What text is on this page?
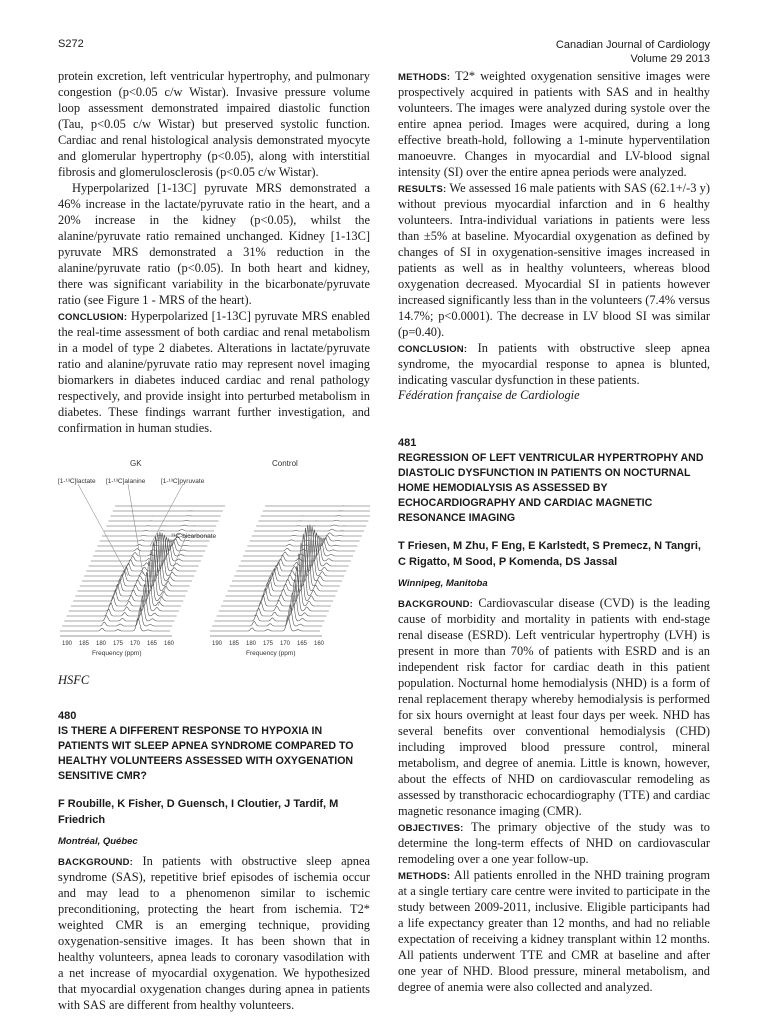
S272	Canadian Journal of Cardiology
Volume 29 2013

protein excretion, left ventricular hypertrophy, and pulmonary congestion (p<0.05 c/w Wistar). Invasive pressure volume loop assessment demonstrated impaired diastolic function (Tau, p<0.05 c/w Wistar) but preserved systolic function. Cardiac and renal histological analysis demonstrated myocyte and glomerular hypertrophy (p<0.05), along with interstitial fibrosis and glomerulosclerosis (p<0.05 c/w Wistar).

Hyperpolarized [1-13C] pyruvate MRS demonstrated a 46% increase in the lactate/pyruvate ratio in the heart, and a 20% increase in the kidney (p<0.05), whilst the alanine/pyruvate ratio remained unchanged. Kidney [1-13C] pyruvate MRS demonstrated a 31% reduction in the alanine/pyruvate ratio (p<0.05). In both heart and kidney, there was significant variability in the bicarbonate/pyruvate ratio (see Figure 1 - MRS of the heart).

CONCLUSION: Hyperpolarized [1-13C] pyruvate MRS enabled the real-time assessment of both cardiac and renal metabolism in a model of type 2 diabetes. Alterations in lactate/pyruvate ratio and alanine/pyruvate ratio may represent novel imaging biomarkers in diabetes induced cardiac and renal pathology respectively, and provide insight into perturbed metabolism in diabetes. These findings warrant further investigation, and confirmation in human studies.

190 185 180 175 170 165 160	190 185 180 175 170 165 160
GK	Control
[1-¹³C]lactate [1-¹³C]alanine [1-¹³C]pyruvate
¹³C-bicarbonate
Frequency (ppm)	Frequency (ppm)

HSFC

480

IS THERE A DIFFERENT RESPONSE TO HYPOXIA IN PATIENTS WIT SLEEP APNEA SYNDROME COMPARED TO HEALTHY VOLUNTEERS ASSESSED WITH OXYGENATION SENSITIVE CMR?

F Roubille, K Fisher, D Guensch, I Cloutier, J Tardif, M Friedrich

Montréal, Québec

BACKGROUND: In patients with obstructive sleep apnea syndrome (SAS), repetitive brief episodes of ischemia occur and may lead to a phenomenon similar to ischemic preconditioning, protecting the heart from ischemia. T2* weighted CMR is an emerging technique, providing oxygenation-sensitive images. It has been shown that in healthy volunteers, apnea leads to coronary vasodilation with a net increase of myocardial oxygenation. We hypothesized that myocardial oxygenation changes during apnea in patients with SAS are different from healthy volunteers.

METHODS: T2* weighted oxygenation sensitive images were prospectively acquired in patients with SAS and in healthy volunteers. The images were analyzed during systole over the entire apnea period. Images were acquired, during a long effective breath-hold, following a 1-minute hyperventilation manoeuvre. Changes in myocardial and LV-blood signal intensity (SI) over the entire apnea periods were analyzed.

RESULTS: We assessed 16 male patients with SAS (62.1+/-3 y) without previous myocardial infarction and in 6 healthy volunteers. Intra-individual variations in patients were less than ±5% at baseline. Myocardial oxygenation as defined by changes of SI in oxygenation-sensitive images increased in patients as well as in healthy volunteers, whereas blood oxygenation decreased. Myocardial SI in patients however increased significantly less than in the volunteers (7.4% versus 14.7%; p<0.0001). The decrease in LV blood SI was similar (p=0.40).

CONCLUSION: In patients with obstructive sleep apnea syndrome, the myocardial response to apnea is blunted, indicating vascular dysfunction in these patients.

Fédération française de Cardiologie

481

REGRESSION OF LEFT VENTRICULAR HYPERTROPHY AND DIASTOLIC DYSFUNCTION IN PATIENTS ON NOCTURNAL HOME HEMODIALYSIS AS ASSESSED BY ECHOCARDIOGRAPHY AND CARDIAC MAGNETIC RESONANCE IMAGING

T Friesen, M Zhu, F Eng, E Karlstedt, S Premecz, N Tangri, C Rigatto, M Sood, P Komenda, DS Jassal

Winnipeg, Manitoba

BACKGROUND: Cardiovascular disease (CVD) is the leading cause of morbidity and mortality in patients with end-stage renal disease (ESRD). Left ventricular hypertrophy (LVH) is present in more than 70% of patients with ESRD and is an independent risk factor for cardiac death in this patient population. Nocturnal home hemodialysis (NHD) is a form of renal replacement therapy whereby hemodialysis is performed for six hours overnight at least four days per week. NHD has several benefits over conventional hemodialysis (CHD) including improved blood pressure control, mineral metabolism, and degree of anemia. Little is known, however, about the effects of NHD on cardiovascular remodeling as assessed by transthoracic echocardiography (TTE) and cardiac magnetic resonance imaging (CMR).

OBJECTIVES: The primary objective of the study was to determine the long-term effects of NHD on cardiovascular remodeling over a one year follow-up.

METHODS: All patients enrolled in the NHD training program at a single tertiary care centre were invited to participate in the study between 2009-2011, inclusive. Eligible participants had a life expectancy greater than 12 months, and had no reliable expectation of receiving a kidney transplant within 12 months. All patients underwent TTE and CMR at baseline and after one year of NHD. Blood pressure, mineral metabolism, and degree of anemia were also collected and analyzed.
